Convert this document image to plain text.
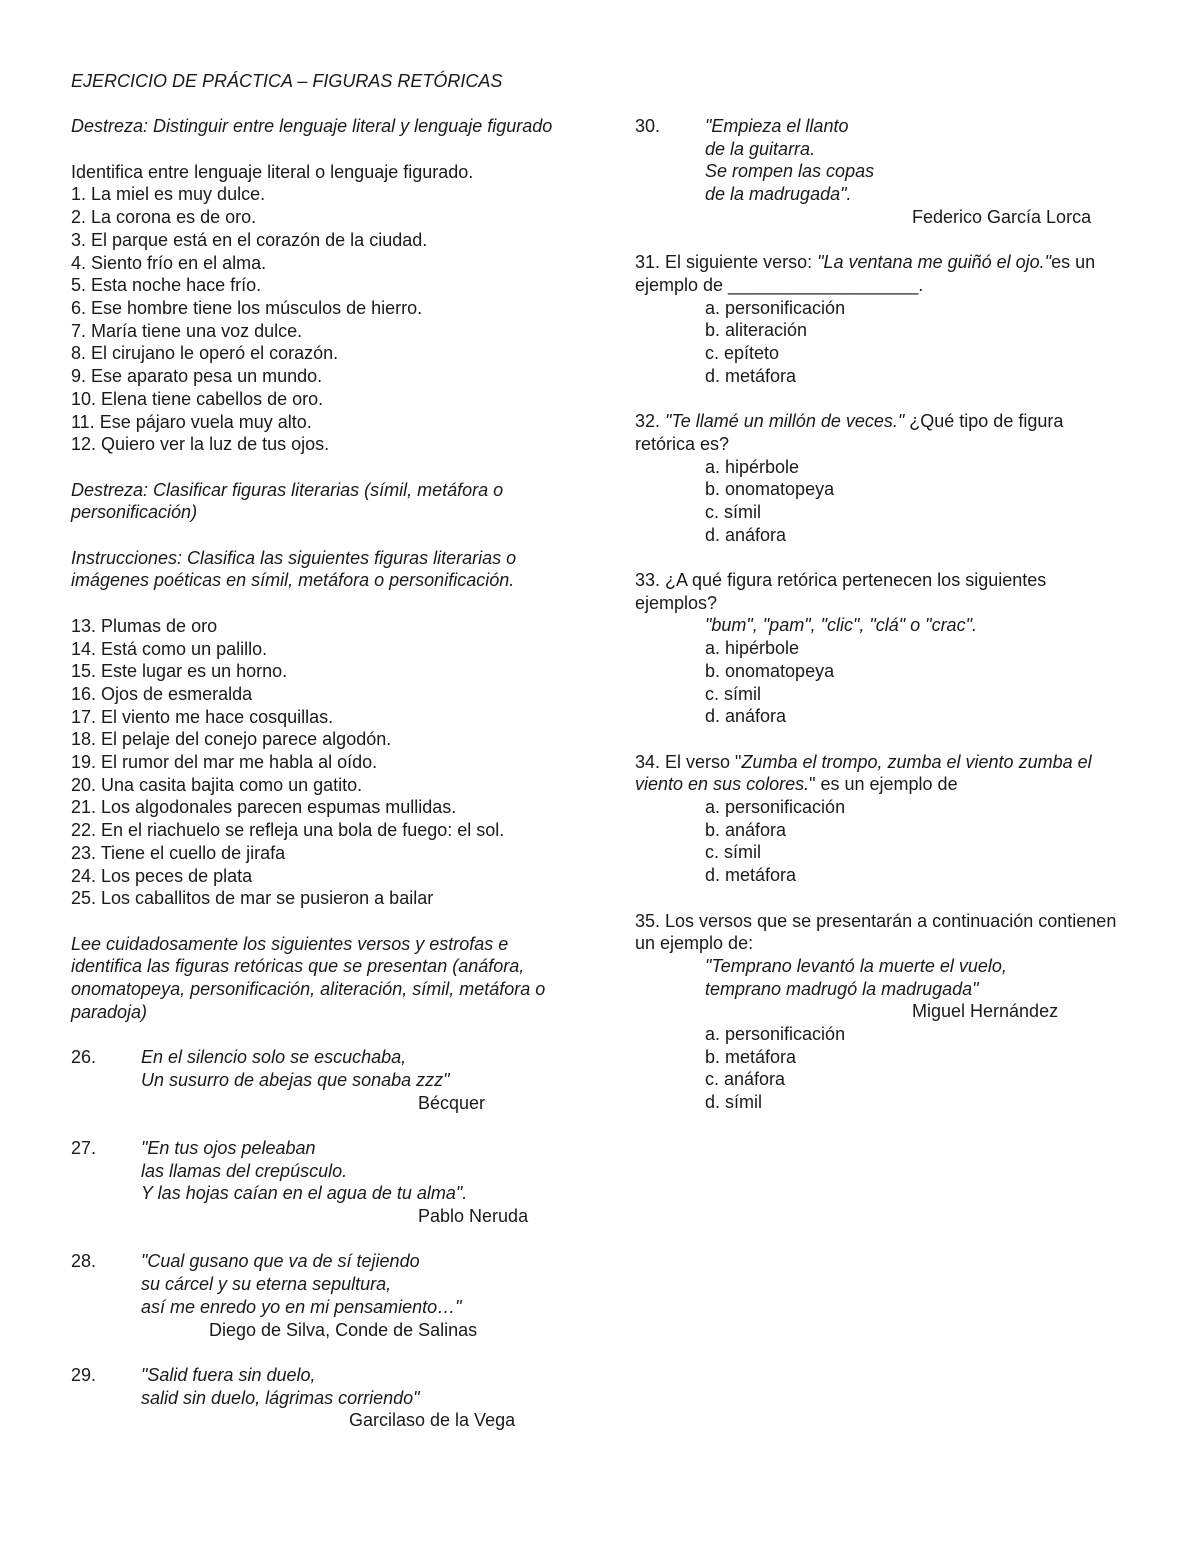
EJERCICIO DE PRÁCTICA – FIGURAS RETÓRICAS
Destreza: Distinguir entre lenguaje literal y lenguaje figurado
Identifica entre lenguaje literal o lenguaje figurado.
1. La miel es muy dulce.
2. La corona es de oro.
3. El parque está en el corazón de la ciudad.
4. Siento frío en el alma.
5. Esta noche hace frío.
6. Ese hombre tiene los músculos de hierro.
7. María tiene una voz dulce.
8. El cirujano le operó el corazón.
9. Ese aparato pesa un mundo.
10. Elena tiene cabellos de oro.
11. Ese pájaro vuela muy alto.
12. Quiero ver la luz de tus ojos.
Destreza: Clasificar figuras literarias (símil, metáfora o personificación)
Instrucciones: Clasifica las siguientes figuras literarias o imágenes poéticas en símil, metáfora o personificación.
13. Plumas de oro
14. Está como un palillo.
15. Este lugar es un horno.
16. Ojos de esmeralda
17. El viento me hace cosquillas.
18. El pelaje del conejo parece algodón.
19. El rumor del mar me habla al oído.
20. Una casita bajita como un gatito.
21. Los algodonales parecen espumas mullidas.
22. En el riachuelo se refleja una bola de fuego: el sol.
23. Tiene el cuello de jirafa
24. Los peces de plata
25. Los caballitos de mar se pusieron a bailar
Lee cuidadosamente los siguientes versos y estrofas e identifica las figuras retóricas que se presentan (anáfora, onomatopeya, personificación, aliteración, símil, metáfora o paradoja)
26.	En el silencio solo se escuchaba,
Un susurro de abejas que sonaba zzz"
Bécquer
27.	"En tus ojos peleaban
las llamas del crepúsculo.
Y las hojas caían en el agua de tu alma".
Pablo Neruda
28.	"Cual gusano que va de sí tejiendo
su cárcel y su eterna sepultura,
así me enredo yo en mi pensamiento…"
Diego de Silva, Conde de Salinas
29.	"Salid fuera sin duelo,
salid sin duelo, lágrimas corriendo"
Garcilaso de la Vega
30.	"Empieza el llanto
de la guitarra.
Se rompen las copas
de la madrugada".
Federico García Lorca
31. El siguiente verso: "La ventana me guiñó el ojo."es un ejemplo de ___________________.
a. personificación
b. aliteración
c. epíteto
d. metáfora
32. "Te llamé un millón de veces." ¿Qué tipo de figura retórica es?
a. hipérbole
b. onomatopeya
c. símil
d. anáfora
33. ¿A qué figura retórica pertenecen los siguientes ejemplos?
"bum", "pam", "clic", "clá" o "crac".
a. hipérbole
b. onomatopeya
c. símil
d. anáfora
34. El verso "Zumba el trompo, zumba el viento zumba el viento en sus colores." es un ejemplo de
a. personificación
b. anáfora
c. símil
d. metáfora
35. Los versos que se presentarán a continuación contienen un ejemplo de:
"Temprano levantó la muerte el vuelo,
temprano madrugó la madrugada"
Miguel Hernández
a. personificación
b. metáfora
c. anáfora
d. símil
